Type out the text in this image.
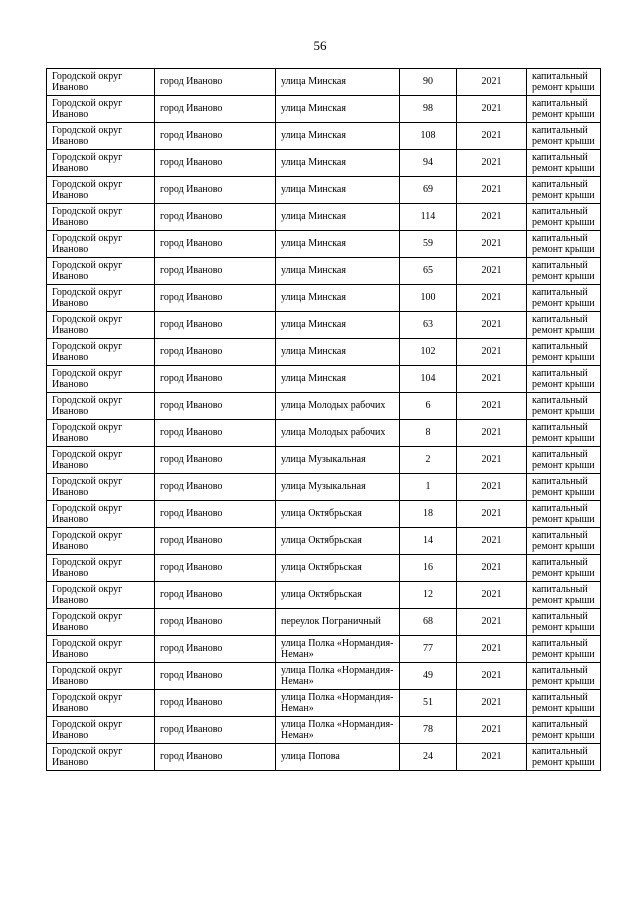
56
Городской округ Иваново	город Иваново	улица Минская	90	2021	капитальный ремонт крыши
Городской округ Иваново	город Иваново	улица Минская	98	2021	капитальный ремонт крыши
Городской округ Иваново	город Иваново	улица Минская	108	2021	капитальный ремонт крыши
Городской округ Иваново	город Иваново	улица Минская	94	2021	капитальный ремонт крыши
Городской округ Иваново	город Иваново	улица Минская	69	2021	капитальный ремонт крыши
Городской округ Иваново	город Иваново	улица Минская	114	2021	капитальный ремонт крыши
Городской округ Иваново	город Иваново	улица Минская	59	2021	капитальный ремонт крыши
Городской округ Иваново	город Иваново	улица Минская	65	2021	капитальный ремонт крыши
Городской округ Иваново	город Иваново	улица Минская	100	2021	капитальный ремонт крыши
Городской округ Иваново	город Иваново	улица Минская	63	2021	капитальный ремонт крыши
Городской округ Иваново	город Иваново	улица Минская	102	2021	капитальный ремонт крыши
Городской округ Иваново	город Иваново	улица Минская	104	2021	капитальный ремонт крыши
Городской округ Иваново	город Иваново	улица Молодых рабочих	6	2021	капитальный ремонт крыши
Городской округ Иваново	город Иваново	улица Молодых рабочих	8	2021	капитальный ремонт крыши
Городской округ Иваново	город Иваново	улица Музыкальная	2	2021	капитальный ремонт крыши
Городской округ Иваново	город Иваново	улица Музыкальная	1	2021	капитальный ремонт крыши
Городской округ Иваново	город Иваново	улица Октябрьская	18	2021	капитальный ремонт крыши
Городской округ Иваново	город Иваново	улица Октябрьская	14	2021	капитальный ремонт крыши
Городской округ Иваново	город Иваново	улица Октябрьская	16	2021	капитальный ремонт крыши
Городской округ Иваново	город Иваново	улица Октябрьская	12	2021	капитальный ремонт крыши
Городской округ Иваново	город Иваново	переулок Пограничный	68	2021	капитальный ремонт крыши
Городской округ Иваново	город Иваново	улица Полка «Нормандия-Неман»	77	2021	капитальный ремонт крыши
Городской округ Иваново	город Иваново	улица Полка «Нормандия-Неман»	49	2021	капитальный ремонт крыши
Городской округ Иваново	город Иваново	улица Полка «Нормандия-Неман»	51	2021	капитальный ремонт крыши
Городской округ Иваново	город Иваново	улица Полка «Нормандия-Неман»	78	2021	капитальный ремонт крыши
Городской округ Иваново	город Иваново	улица Попова	24	2021	капитальный ремонт крыши
